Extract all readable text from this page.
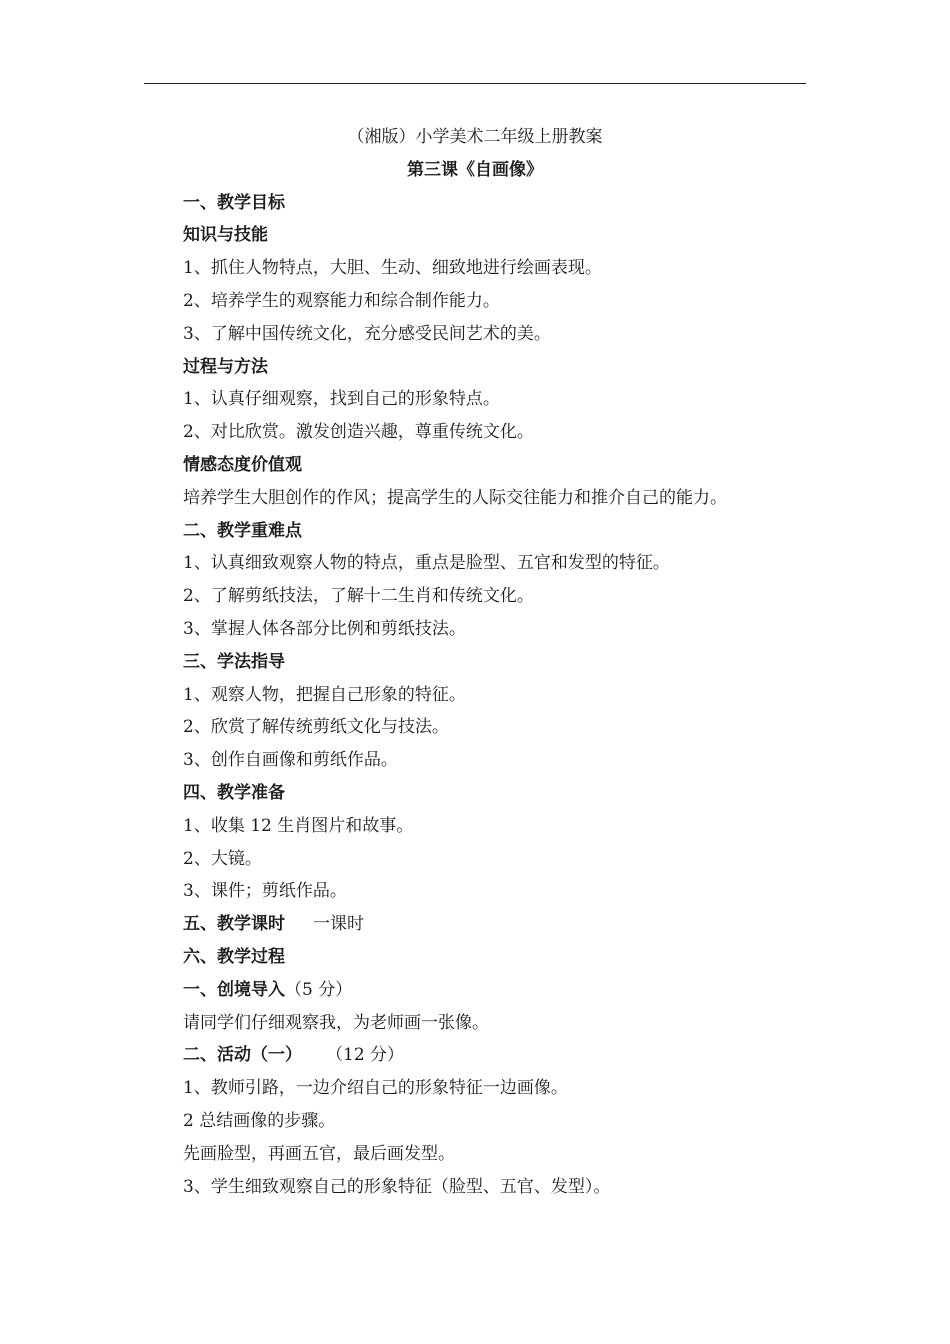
（湘版）小学美术二年级上册教案
第三课《自画像》
一、教学目标
知识与技能
1、抓住人物特点，大胆、生动、细致地进行绘画表现。
2、培养学生的观察能力和综合制作能力。
3、了解中国传统文化，充分感受民间艺术的美。
过程与方法
1、认真仔细观察，找到自己的形象特点。
2、对比欣赏。激发创造兴趣，尊重传统文化。
情感态度价值观
培养学生大胆创作的作风；提高学生的人际交往能力和推介自己的能力。
二、教学重难点
1、认真细致观察人物的特点，重点是脸型、五官和发型的特征。
2、了解剪纸技法，了解十二生肖和传统文化。
3、掌握人体各部分比例和剪纸技法。
三、学法指导
1、观察人物，把握自己形象的特征。
2、欣赏了解传统剪纸文化与技法。
3、创作自画像和剪纸作品。
四、教学准备
1、收集 12 生肖图片和故事。
2、大镜。
3、课件；剪纸作品。
五、教学课时 一课时
六、教学过程
一、创境导入（5 分）
请同学们仔细观察我，为老师画一张像。
二、活动（一） （12 分）
1、教师引路，一边介绍自己的形象特征一边画像。
2 总结画像的步骤。
先画脸型，再画五官，最后画发型。
3、学生细致观察自己的形象特征（脸型、五官、发型）。
